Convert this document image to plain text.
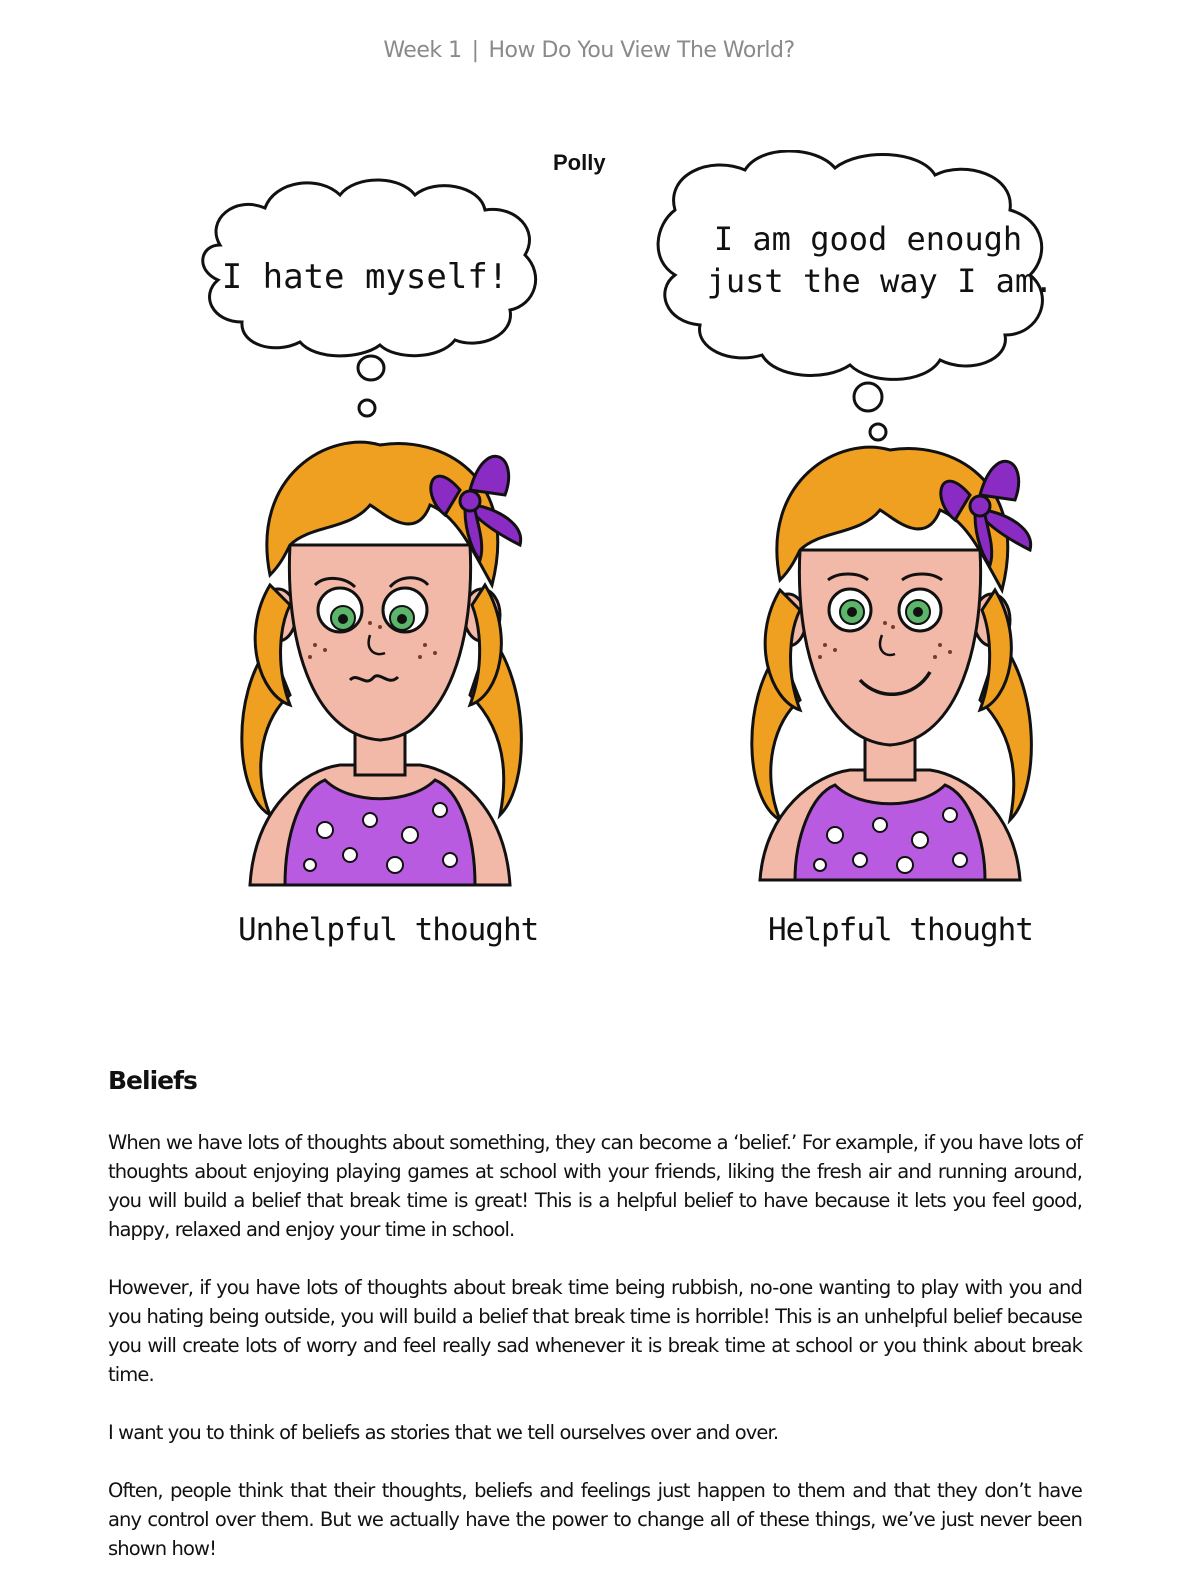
Week 1 | How Do You View The World?
Polly
I hate myself!
I am good enough
just the way I am.
Unhelpful thought	Helpful thought
Beliefs

When we have lots of thoughts about something, they can become a ‘belief.’ For example, if you have lots of thoughts about enjoying playing games at school with your friends, liking the fresh air and running around, you will build a belief that break time is great! This is a helpful belief to have because it lets you feel good, happy, relaxed and enjoy your time in school.

However, if you have lots of thoughts about break time being rubbish, no-one wanting to play with you and you hating being outside, you will build a belief that break time is horrible! This is an unhelpful belief because you will create lots of worry and feel really sad whenever it is break time at school or you think about break time.

I want you to think of beliefs as stories that we tell ourselves over and over.

Often, people think that their thoughts, beliefs and feelings just happen to them and that they don’t have any control over them. But we actually have the power to change all of these things, we’ve just never been shown how!
